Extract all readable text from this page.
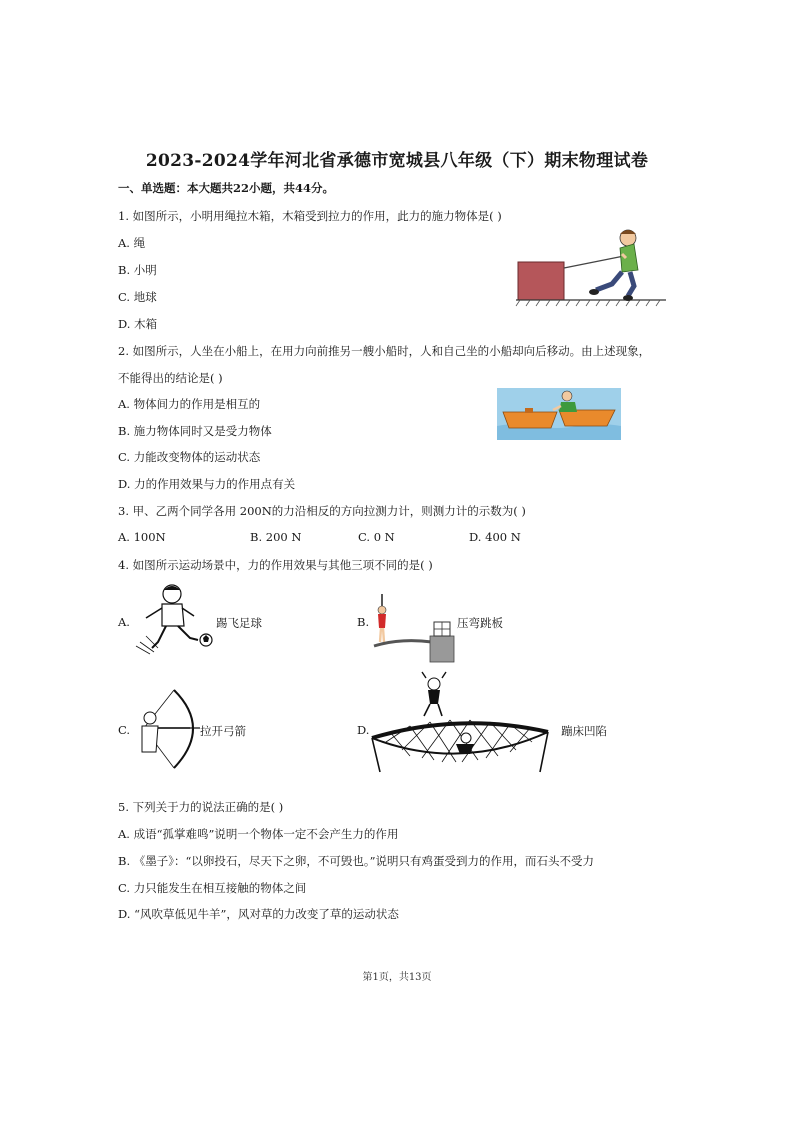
2023-2024学年河北省承德市宽城县八年级（下）期末物理试卷
一、单选题：本大题共22小题，共44分。
1. 如图所示，小明用绳拉木箱，木箱受到拉力的作用，此力的施力物体是( )
A. 绳
B. 小明
C. 地球
D. 木箱
2. 如图所示，人坐在小船上，在用力向前推另一艘小船时，人和自己坐的小船却向后移动。由上述现象，
不能得出的结论是( )
A. 物体间力的作用是相互的
B. 施力物体同时又是受力物体
C. 力能改变物体的运动状态
D. 力的作用效果与力的作用点有关
3. 甲、乙两个同学各用 200N的力沿相反的方向拉测力计，则测力计的示数为( )
A. 100N	B. 200 N	C. 0 N	D. 400 N
4. 如图所示运动场景中，力的作用效果与其他三项不同的是( )
A.	踢飞足球	B.	压弯跳板
C.	拉开弓箭	D.	蹦床凹陷
5. 下列关于力的说法正确的是( )
A. 成语“孤掌难鸣”说明一个物体一定不会产生力的作用
B. 《墨子》：“以卵投石，尽天下之卵，不可毁也。”说明只有鸡蛋受到力的作用，而石头不受力
C. 力只能发生在相互接触的物体之间
D. “风吹草低见牛羊”，风对草的力改变了草的运动状态
第1页，共13页
